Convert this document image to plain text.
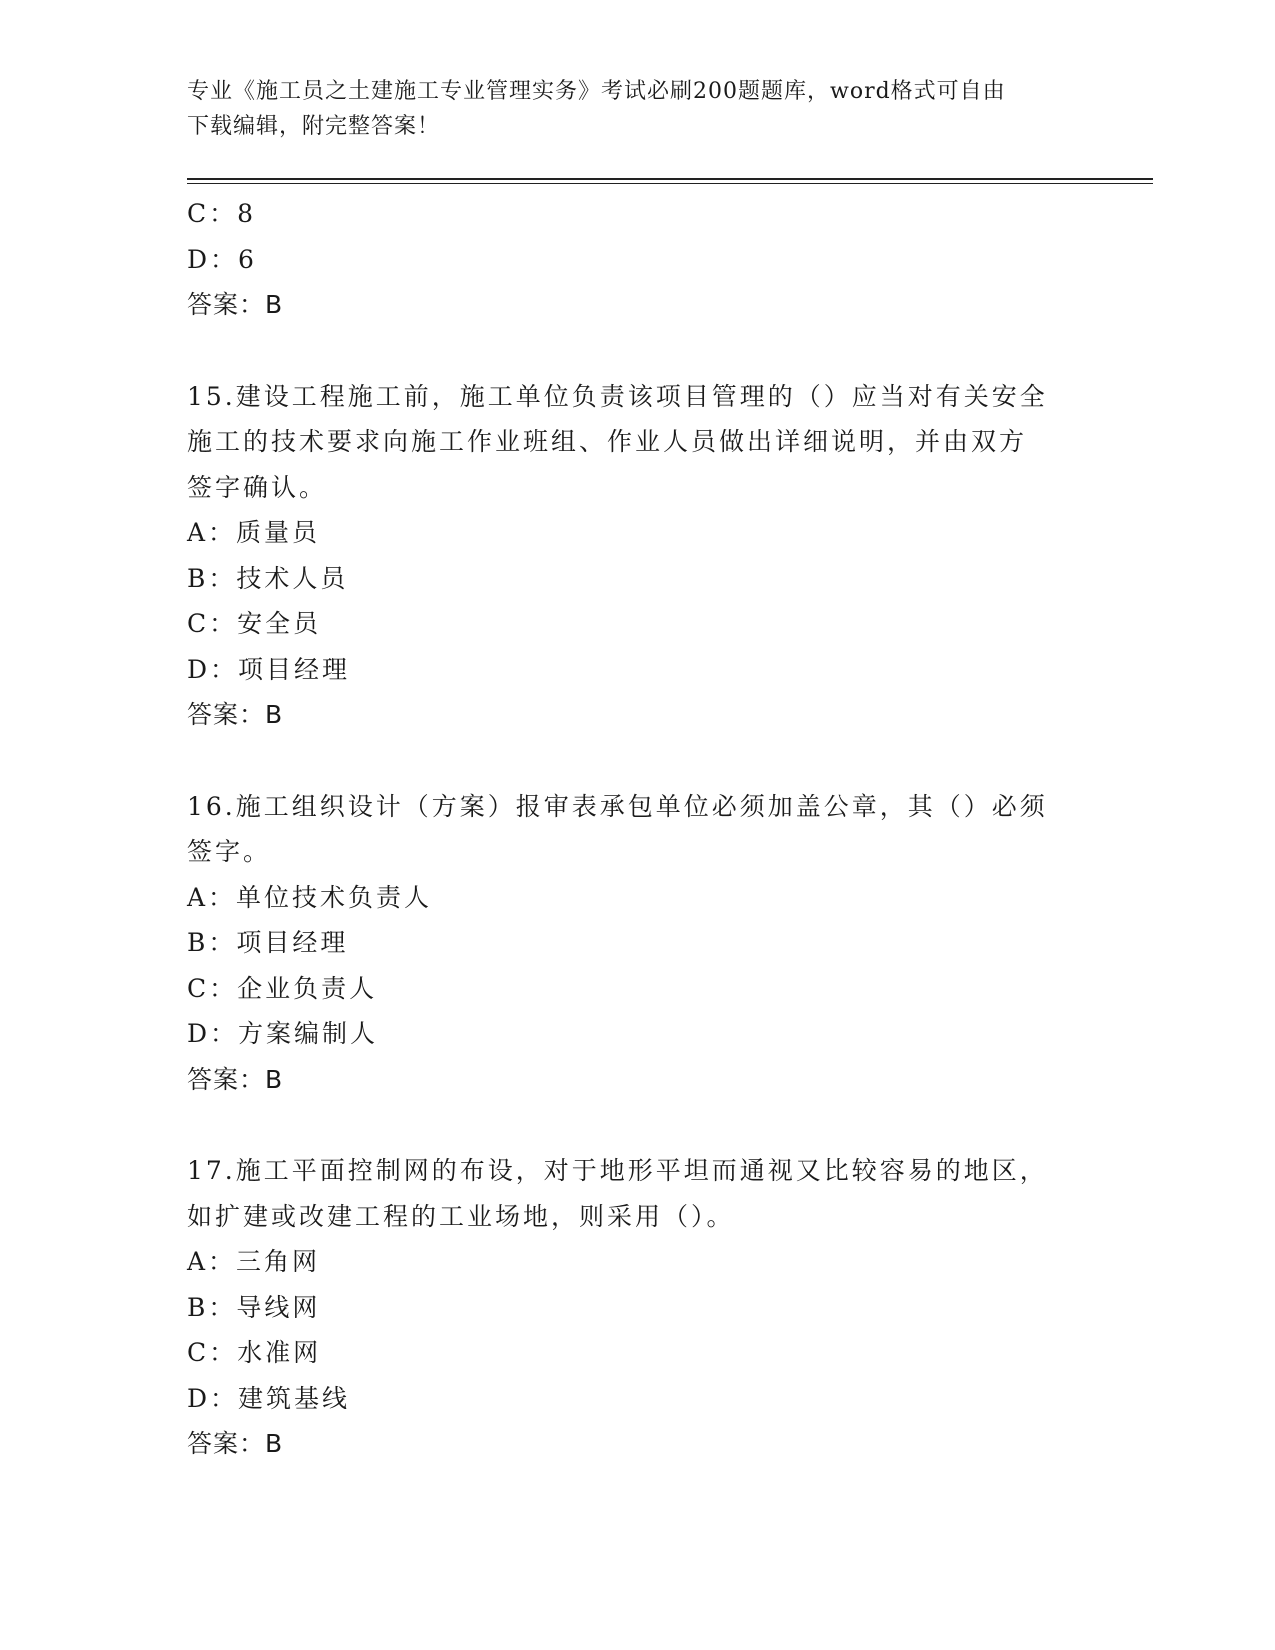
专业《施工员之土建施工专业管理实务》考试必刷200题题库，word格式可自由
下载编辑，附完整答案！
C：8
D：6
答案：B
15.建设工程施工前，施工单位负责该项目管理的（）应当对有关安全
施工的技术要求向施工作业班组、作业人员做出详细说明，并由双方
签字确认。
A：质量员
B：技术人员
C：安全员
D：项目经理
答案：B
16.施工组织设计（方案）报审表承包单位必须加盖公章，其（）必须
签字。
A：单位技术负责人
B：项目经理
C：企业负责人
D：方案编制人
答案：B
17.施工平面控制网的布设，对于地形平坦而通视又比较容易的地区，
如扩建或改建工程的工业场地，则采用（）。
A：三角网
B：导线网
C：水准网
D：建筑基线
答案：B
